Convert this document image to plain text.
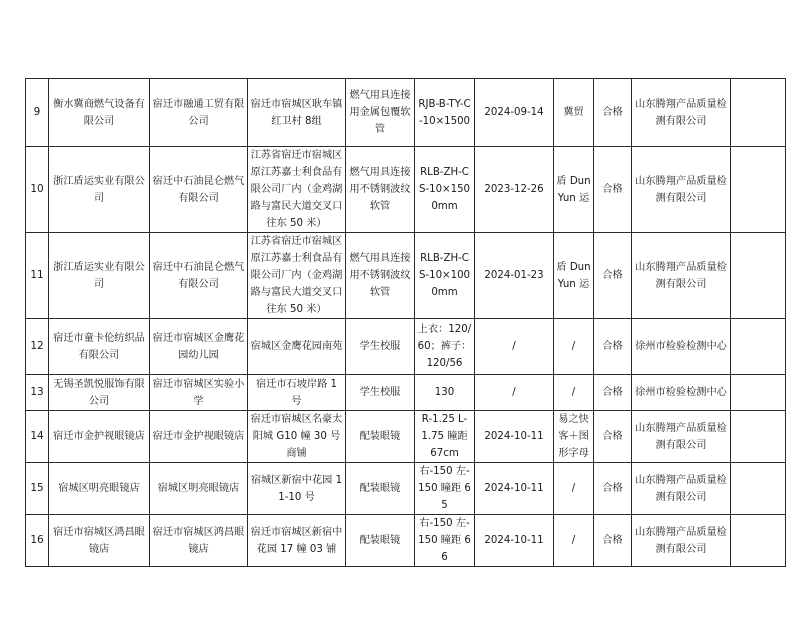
9	衡水冀商燃气设备有限公司	宿迁市融通工贸有限公司	宿迁市宿城区耿车镇红卫村 8组	燃气用具连接用金属包覆软管	RJB-B-TY-C-10×1500	2024-09-14	冀贸	合格	山东腾翔产品质量检测有限公司	

10	浙江盾运实业有限公司	宿迁中石油昆仑燃气有限公司	江苏省宿迁市宿城区原江苏嘉士利食品有限公司厂内（金鸡湖路与富民大道交叉口往东 50 米）	燃气用具连接用不锈钢波纹软管	RLB-ZH-CS-10×1500mm	2023-12-26	盾 DunYun 运	合格	山东腾翔产品质量检测有限公司	

11	浙江盾运实业有限公司	宿迁中石油昆仑燃气有限公司	江苏省宿迁市宿城区原江苏嘉士利食品有限公司厂内（金鸡湖路与富民大道交叉口往东 50 米）	燃气用具连接用不锈钢波纹软管	RLB-ZH-CS-10×1000mm	2024-01-23	盾 DunYun 运	合格	山东腾翔产品质量检测有限公司	

12	宿迁市童卡伦纺织品有限公司	宿迁市宿城区金鹰花园幼儿园	宿城区金鹰花园南苑	学生校服	上衣：120/60；裤子：120/56	/	/	合格	徐州市检验检测中心	

13	无锡圣凯悦服饰有限公司	宿迁市宿城区实验小学	宿迁市石坡岸路 1 号	学生校服	130	/	/	合格	徐州市检验检测中心	

14	宿迁市金护视眼镜店	宿迁市金护视眼镜店	宿迁市宿城区名豪太阳城 G10 幢 30 号商铺	配装眼镜	R-1.25 L-1.75 瞳距 67cm	2024-10-11	易之快客＋图形字母	合格	山东腾翔产品质量检测有限公司	

15	宿城区明亮眼镜店	宿城区明亮眼镜店	宿城区新宿中花园 11-10 号	配装眼镜	右-150 左-150 瞳距 65	2024-10-11	/	合格	山东腾翔产品质量检测有限公司	

16	宿迁市宿城区鸿昌眼镜店	宿迁市宿城区鸿昌眼镜店	宿迁市宿城区新宿中花园 17 幢 03 铺	配装眼镜	右-150 左-150 瞳距 66	2024-10-11	/	合格	山东腾翔产品质量检测有限公司	
